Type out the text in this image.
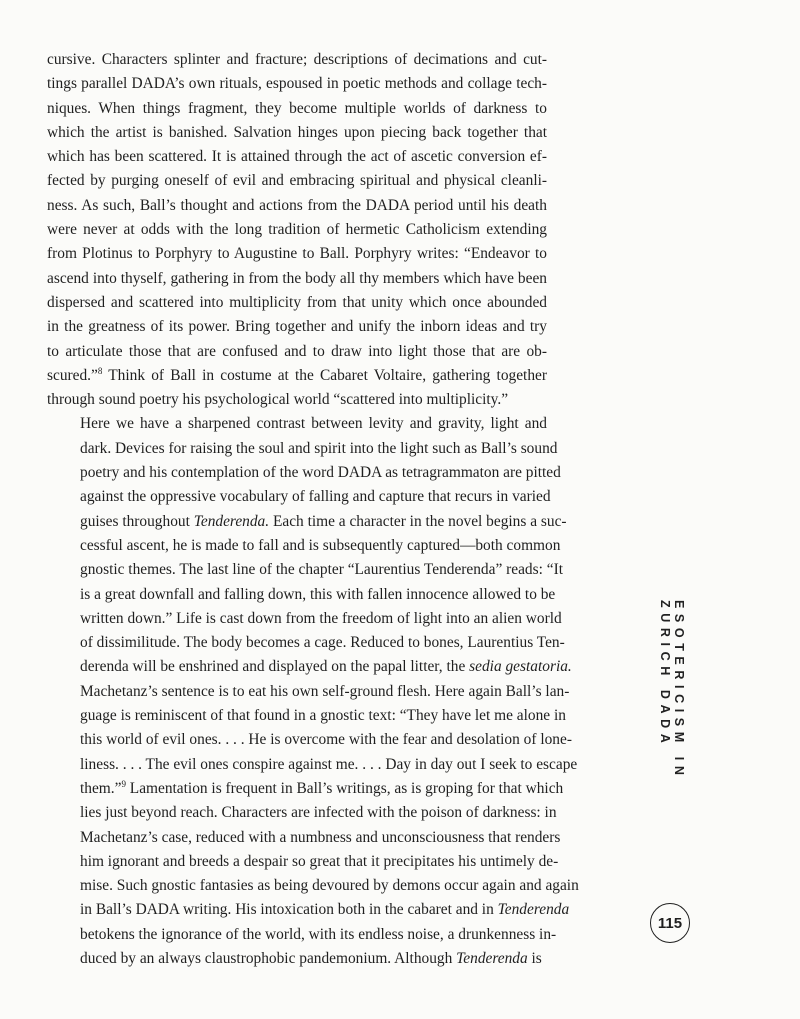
cursive. Characters splinter and fracture; descriptions of decimations and cut-
tings parallel DADA’s own rituals, espoused in poetic methods and collage tech-
niques. When things fragment, they become multiple worlds of darkness to
which the artist is banished. Salvation hinges upon piecing back together that
which has been scattered. It is attained through the act of ascetic conversion ef-
fected by purging oneself of evil and embracing spiritual and physical cleanli-
ness. As such, Ball’s thought and actions from the DADA period until his death
were never at odds with the long tradition of hermetic Catholicism extending
from Plotinus to Porphyry to Augustine to Ball. Porphyry writes: “Endeavor to
ascend into thyself, gathering in from the body all thy members which have been
dispersed and scattered into multiplicity from that unity which once abounded
in the greatness of its power. Bring together and unify the inborn ideas and try
to articulate those that are confused and to draw into light those that are ob-
scured.”$^8$ Think of Ball in costume at the Cabaret Voltaire, gathering together
through sound poetry his psychological world “scattered into multiplicity.”
Here we have a sharpened contrast between levity and gravity, light and
dark. Devices for raising the soul and spirit into the light such as Ball’s sound
poetry and his contemplation of the word DADA as tetragrammaton are pitted
against the oppressive vocabulary of falling and capture that recurs in varied
guises throughout Tenderenda. Each time a character in the novel begins a suc-
cessful ascent, he is made to fall and is subsequently captured—both common
gnostic themes. The last line of the chapter “Laurentius Tenderenda” reads: “It
is a great downfall and falling down, this with fallen innocence allowed to be
written down.” Life is cast down from the freedom of light into an alien world
of dissimilitude. The body becomes a cage. Reduced to bones, Laurentius Ten-
derenda will be enshrined and displayed on the papal litter, the sedia gestatoria.
Machetanz’s sentence is to eat his own self-ground flesh. Here again Ball’s lan-
guage is reminiscent of that found in a gnostic text: “They have let me alone in
this world of evil ones. . . . He is overcome with the fear and desolation of lone-
liness. . . . The evil ones conspire against me. . . . Day in day out I seek to escape
them.”$^9$ Lamentation is frequent in Ball’s writings, as is groping for that which
lies just beyond reach. Characters are infected with the poison of darkness: in
Machetanz’s case, reduced with a numbness and unconsciousness that renders
him ignorant and breeds a despair so great that it precipitates his untimely de-
mise. Such gnostic fantasies as being devoured by demons occur again and again
in Ball’s DADA writing. His intoxication both in the cabaret and in Tenderenda
betokens the ignorance of the world, with its endless noise, a drunkenness in-
duced by an always claustrophobic pandemonium. Although Tenderenda is
ESOTERICISM IN ZURICH DADA
115
